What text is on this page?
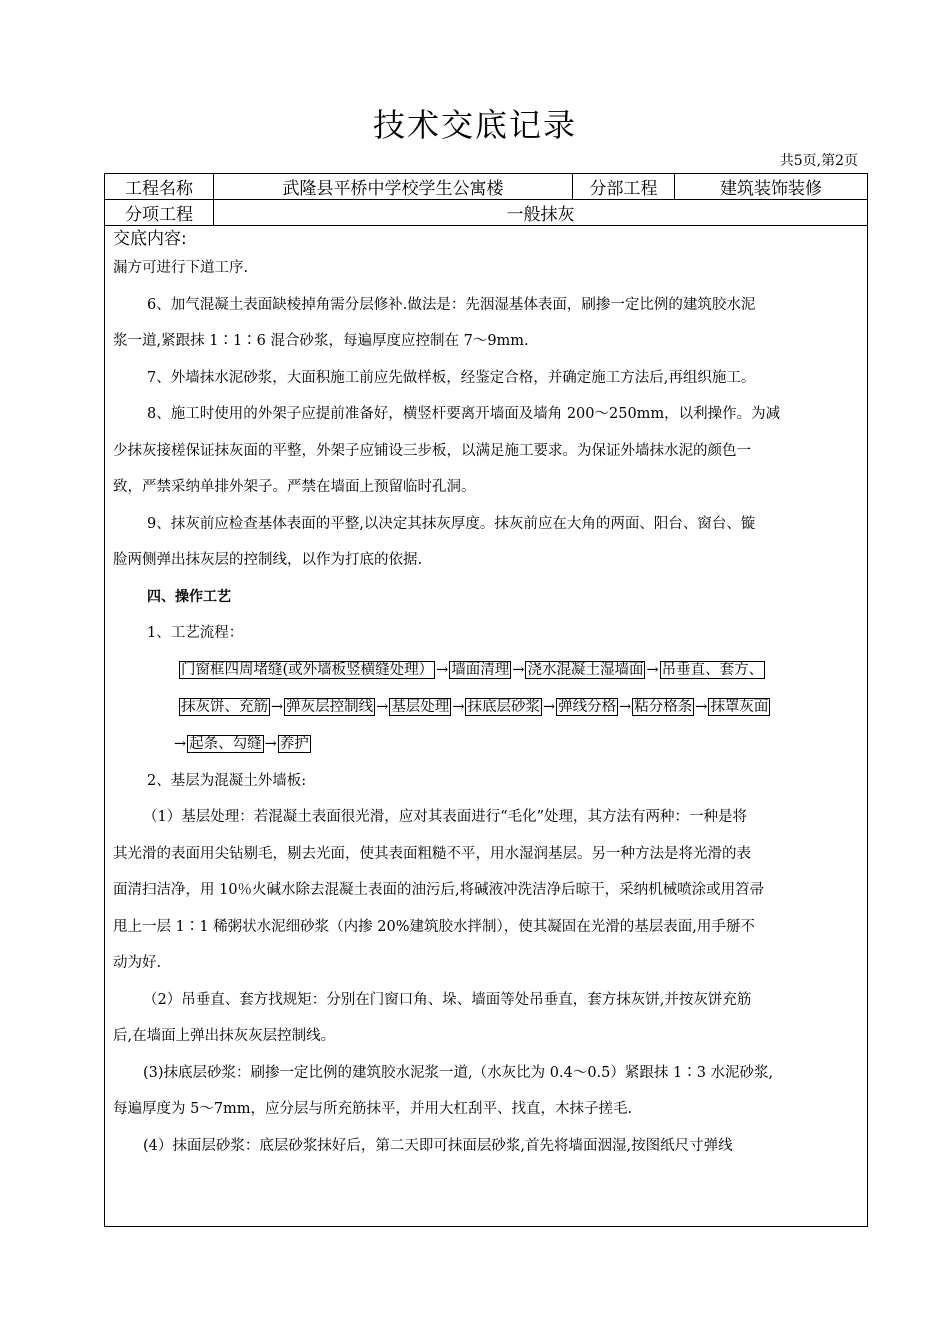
技术交底记录
共5页,第2页
工程名称	武隆县平桥中学校学生公寓楼	分部工程	建筑装饰装修
分项工程	一般抹灰
交底内容:

漏方可进行下道工序.

6、加气混凝土表面缺棱掉角需分层修补.做法是：先洇湿基体表面，刷掺一定比例的建筑胶水泥

浆一道,紧跟抹 1∶1∶6 混合砂浆，每遍厚度应控制在 7～9mm.

7、外墙抹水泥砂浆，大面积施工前应先做样板，经鉴定合格，并确定施工方法后,再组织施工。

8、施工时使用的外架子应提前准备好，横竖杆要离开墙面及墙角 200～250mm，以利操作。为减

少抹灰接槎保证抹灰面的平整，外架子应铺设三步板，以满足施工要求。为保证外墙抹水泥的颜色一

致，严禁采纳单排外架子。严禁在墙面上预留临时孔洞。

9、抹灰前应检查基体表面的平整,以决定其抹灰厚度。抹灰前应在大角的两面、阳台、窗台、镟

脸两侧弹出抹灰层的控制线，以作为打底的依据.

四、操作工艺

1、工艺流程：

门窗框四周堵缝(或外墙板竖横缝处理） → 墙面清理 → 浇水混凝土湿墙面 → 吊垂直、套方、
抹灰饼、充筋 → 弹灰层控制线 → 基层处理 → 抹底层砂浆 → 弹线分格 → 粘分格条 → 抹罩灰面
→ 起条、勾缝 → 养护

2、基层为混凝土外墙板:

（1）基层处理：若混凝土表面很光滑，应对其表面进行“毛化”处理，其方法有两种：一种是将

其光滑的表面用尖钻剔毛，剔去光面，使其表面粗糙不平，用水湿润基层。另一种方法是将光滑的表

面清扫洁净，用 10％火碱水除去混凝土表面的油污后,将碱液冲洗洁净后晾干，采纳机械喷涂或用笤帚

甩上一层 1∶1 稀粥状水泥细砂浆（内掺 20%建筑胶水拌制），使其凝固在光滑的基层表面,用手掰不

动为好.

（2）吊垂直、套方找规矩：分别在门窗口角、垛、墙面等处吊垂直，套方抹灰饼,并按灰饼充筋

后,在墙面上弹出抹灰灰层控制线。

(3)抹底层砂浆：刷掺一定比例的建筑胶水泥浆一道,（水灰比为 0.4～0.5）紧跟抹 1∶3 水泥砂浆,

每遍厚度为 5～7mm，应分层与所充筋抹平，并用大杠刮平、找直，木抹子搓毛.

(4）抹面层砂浆：底层砂浆抹好后，第二天即可抹面层砂浆,首先将墙面洇湿,按图纸尺寸弹线
